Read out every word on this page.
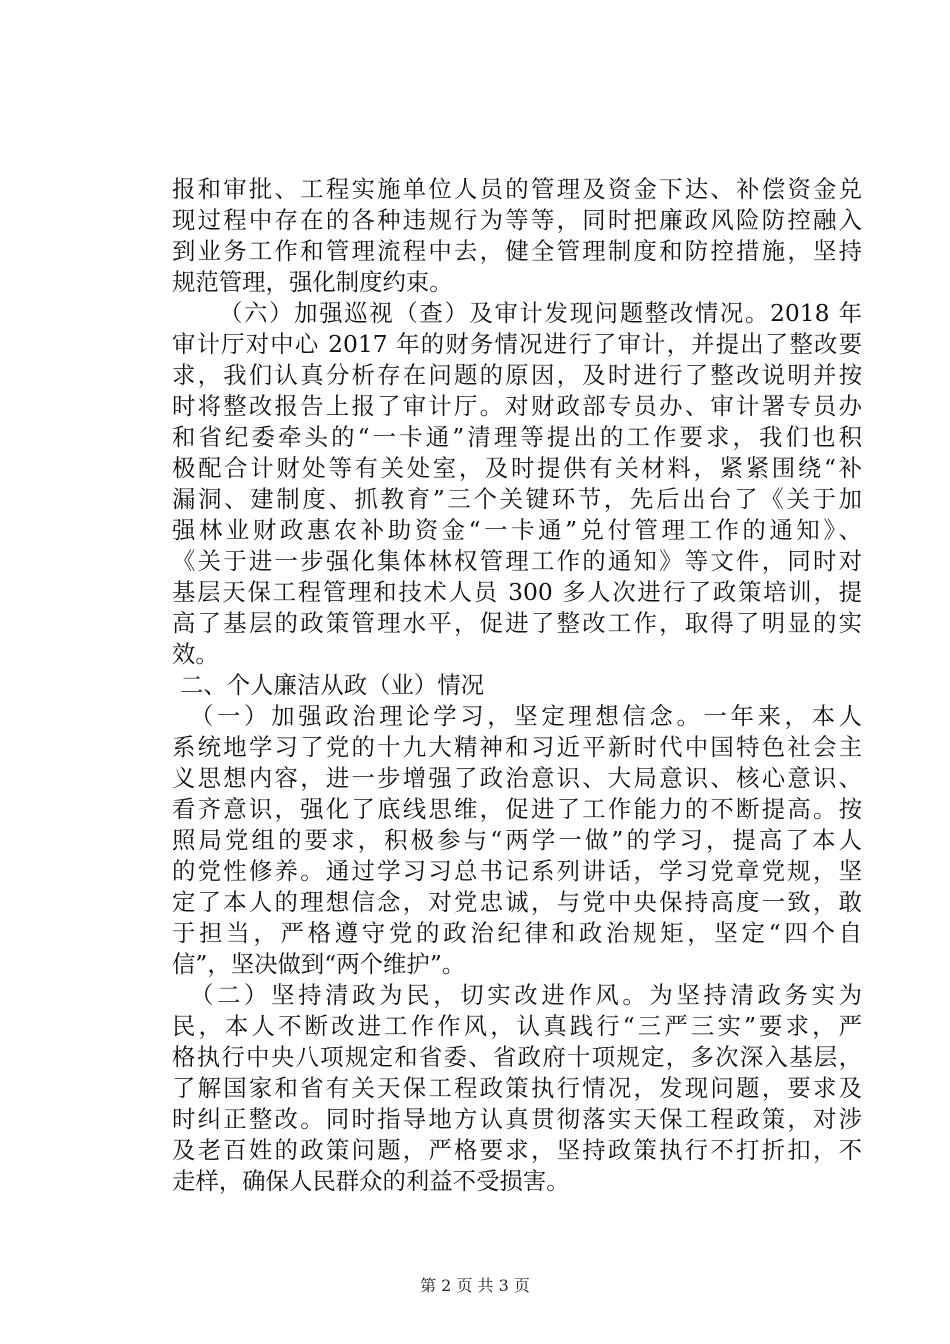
报和审批、工程实施单位人员的管理及资金下达、补偿资金兑
现过程中存在的各种违规行为等等，同时把廉政风险防控融入
到业务工作和管理流程中去，健全管理制度和防控措施，坚持
规范管理，强化制度约束。
（六）加强巡视（查）及审计发现问题整改情况。2018 年
审计厅对中心 2017 年的财务情况进行了审计，并提出了整改要
求，我们认真分析存在问题的原因，及时进行了整改说明并按
时将整改报告上报了审计厅。对财政部专员办、审计署专员办
和省纪委牵头的“一卡通”清理等提出的工作要求，我们也积
极配合计财处等有关处室，及时提供有关材料，紧紧围绕“补
漏洞、建制度、抓教育”三个关键环节，先后出台了《关于加
强林业财政惠农补助资金“一卡通”兑付管理工作的通知》、
《关于进一步强化集体林权管理工作的通知》等文件，同时对
基层天保工程管理和技术人员 300 多人次进行了政策培训，提
高了基层的政策管理水平，促进了整改工作，取得了明显的实
效。
二、个人廉洁从政（业）情况
（一）加强政治理论学习，坚定理想信念。一年来，本人
系统地学习了党的十九大精神和习近平新时代中国特色社会主
义思想内容，进一步增强了政治意识、大局意识、核心意识、
看齐意识，强化了底线思维，促进了工作能力的不断提高。按
照局党组的要求，积极参与“两学一做”的学习，提高了本人
的党性修养。通过学习习总书记系列讲话，学习党章党规，坚
定了本人的理想信念，对党忠诚，与党中央保持高度一致，敢
于担当，严格遵守党的政治纪律和政治规矩，坚定“四个自
信”，坚决做到“两个维护”。
（二）坚持清政为民，切实改进作风。为坚持清政务实为
民，本人不断改进工作作风，认真践行“三严三实”要求，严
格执行中央八项规定和省委、省政府十项规定，多次深入基层，
了解国家和省有关天保工程政策执行情况，发现问题，要求及
时纠正整改。同时指导地方认真贯彻落实天保工程政策，对涉
及老百姓的政策问题，严格要求，坚持政策执行不打折扣，不
走样，确保人民群众的利益不受损害。
第 2 页 共 3 页
